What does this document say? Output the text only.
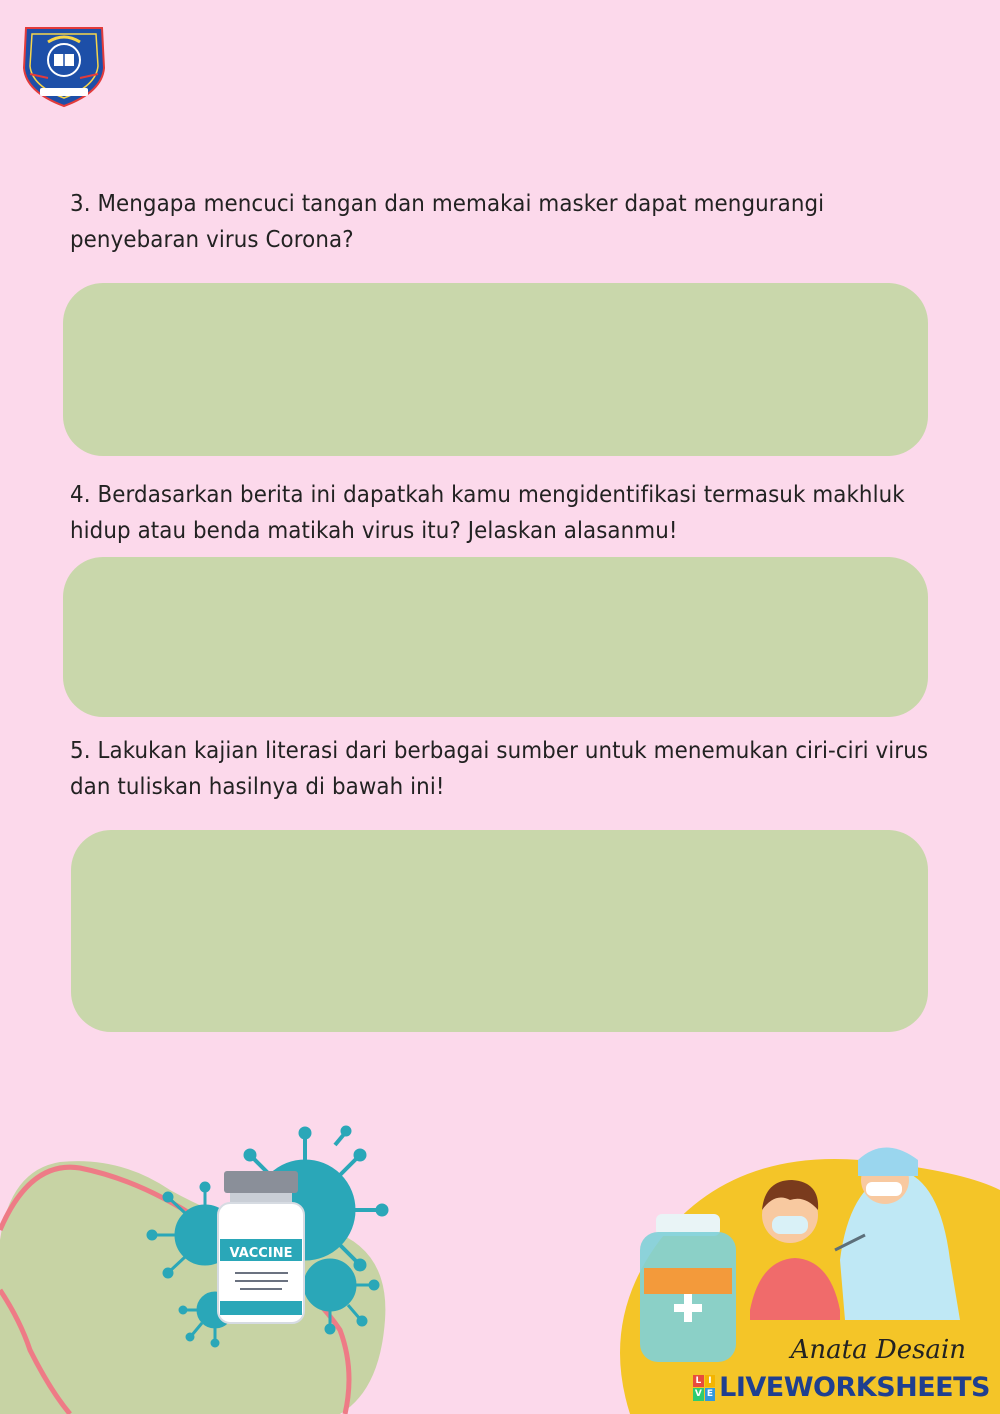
3. Mengapa mencuci tangan dan memakai masker dapat mengurangi penyebaran virus Corona?
4. Berdasarkan berita ini dapatkah kamu mengidentifikasi termasuk makhluk hidup atau benda matikah virus itu? Jelaskan alasanmu!
5. Lakukan kajian literasi dari berbagai sumber untuk menemukan ciri-ciri virus dan tuliskan hasilnya di bawah ini!
VACCINE
Anata Desain
L I
V E LIVEWORKSHEETS
